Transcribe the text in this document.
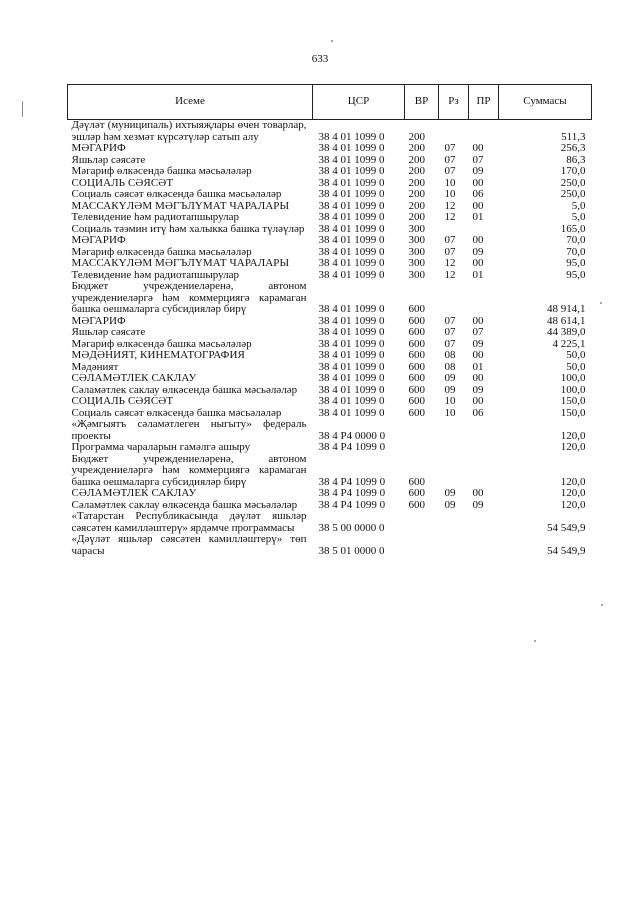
633
Исеме	ЦСР	ВР	Рз	ПР	Суммасы
Дәүләт (муниципаль) ихтыяҗлары өчен товарлар, эшләр һәм хезмәт күрсәтүләр сатып алу	38 4 01 1099 0	200			511,3
МӘГАРИФ	38 4 01 1099 0	200	07	00	256,3
Яшьләр сәясәте	38 4 01 1099 0	200	07	07	86,3
Мәгариф өлкәсендә башка мәсьәләләр	38 4 01 1099 0	200	07	09	170,0
СОЦИАЛЬ СӘЯСӘТ	38 4 01 1099 0	200	10	00	250,0
Социаль сәясәт өлкәсендә башка мәсьәләләр	38 4 01 1099 0	200	10	06	250,0
МАССАКҮЛӘМ МӘГЪЛҮМАТ ЧАРАЛАРЫ	38 4 01 1099 0	200	12	00	5,0
Телевидение һәм радиотапшырулар	38 4 01 1099 0	200	12	01	5,0
Социаль тәэмин итү һәм халыкка башка түләүләр	38 4 01 1099 0	300			165,0
МӘГАРИФ	38 4 01 1099 0	300	07	00	70,0
Мәгариф өлкәсендә башка мәсьәләләр	38 4 01 1099 0	300	07	09	70,0
МАССАКҮЛӘМ МӘГЪЛҮМАТ ЧАРАЛАРЫ	38 4 01 1099 0	300	12	00	95,0
Телевидение һәм радиотапшырулар	38 4 01 1099 0	300	12	01	95,0
Бюджет учреждениеләренә, автоном учреждениеләргә һәм коммерциягә карамаган башка оешмаларга субсидияләр бирү	38 4 01 1099 0	600			48 914,1
МӘГАРИФ	38 4 01 1099 0	600	07	00	48 614,1
Яшьләр сәясәте	38 4 01 1099 0	600	07	07	44 389,0
Мәгариф өлкәсендә башка мәсьәләләр	38 4 01 1099 0	600	07	09	4 225,1
МӘДӘНИЯТ, КИНЕМАТОГРАФИЯ	38 4 01 1099 0	600	08	00	50,0
Мәдәният	38 4 01 1099 0	600	08	01	50,0
СӘЛАМӘТЛЕК САКЛАУ	38 4 01 1099 0	600	09	00	100,0
Сәламәтлек саклау өлкәсендә башка мәсьәләләр	38 4 01 1099 0	600	09	09	100,0
СОЦИАЛЬ СӘЯСӘТ	38 4 01 1099 0	600	10	00	150,0
Социаль сәясәт өлкәсендә башка мәсьәләләр	38 4 01 1099 0	600	10	06	150,0
«Җәмгыятъ сәламәтлеген ныгыту» федераль проекты	38 4 Р4 0000 0				120,0
Программа чараларын гамәлгә ашыру	38 4 Р4 1099 0				120,0
Бюджет учреждениеләренә, автоном учреждениеләргә һәм коммерциягә карамаган башка оешмаларга субсидияләр бирү	38 4 Р4 1099 0	600			120,0
СӘЛАМӘТЛЕК САКЛАУ	38 4 Р4 1099 0	600	09	00	120,0
Сәламәтлек саклау өлкәсендә башка мәсьәләләр	38 4 Р4 1099 0	600	09	09	120,0
«Татарстан Республикасында дәүләт яшьләр сәясәтен камилләштерү» ярдәмче программасы	38 5 00 0000 0				54 549,9
«Дәүләт яшьләр сәясәтен камилләштерү» төп чарасы	38 5 01 0000 0				54 549,9
